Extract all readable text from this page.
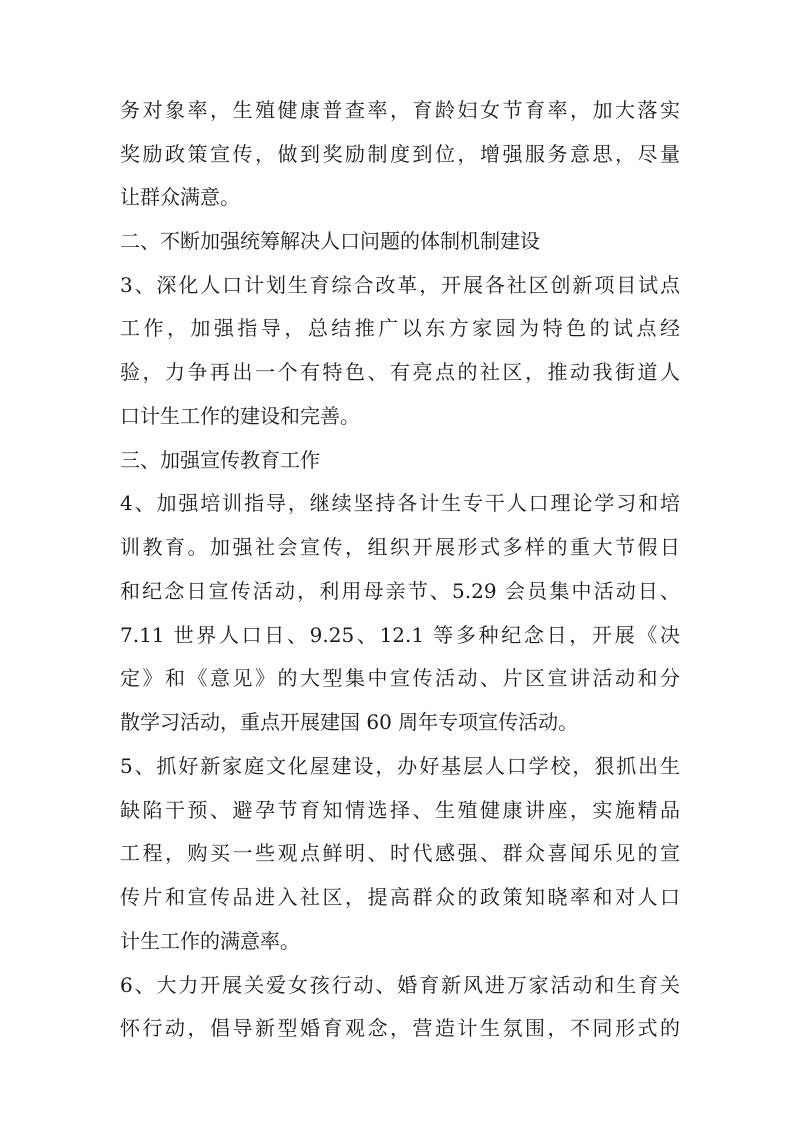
务对象率，生殖健康普查率，育龄妇女节育率，加大落实
奖励政策宣传，做到奖励制度到位，增强服务意思，尽量
让群众满意。
二、不断加强统筹解决人口问题的体制机制建设
3、深化人口计划生育综合改革，开展各社区创新项目试点
工作，加强指导，总结推广以东方家园为特色的试点经
验，力争再出一个有特色、有亮点的社区，推动我街道人
口计生工作的建设和完善。
三、加强宣传教育工作
4、加强培训指导，继续坚持各计生专干人口理论学习和培
训教育。加强社会宣传，组织开展形式多样的重大节假日
和纪念日宣传活动，利用母亲节、5.29 会员集中活动日、
7.11 世界人口日、9.25、12.1 等多种纪念日，开展《决
定》和《意见》的大型集中宣传活动、片区宣讲活动和分
散学习活动，重点开展建国 60 周年专项宣传活动。
5、抓好新家庭文化屋建设，办好基层人口学校，狠抓出生
缺陷干预、避孕节育知情选择、生殖健康讲座，实施精品
工程，购买一些观点鲜明、时代感强、群众喜闻乐见的宣
传片和宣传品进入社区，提高群众的政策知晓率和对人口
计生工作的满意率。
6、大力开展关爱女孩行动、婚育新风进万家活动和生育关
怀行动，倡导新型婚育观念，营造计生氛围，不同形式的
